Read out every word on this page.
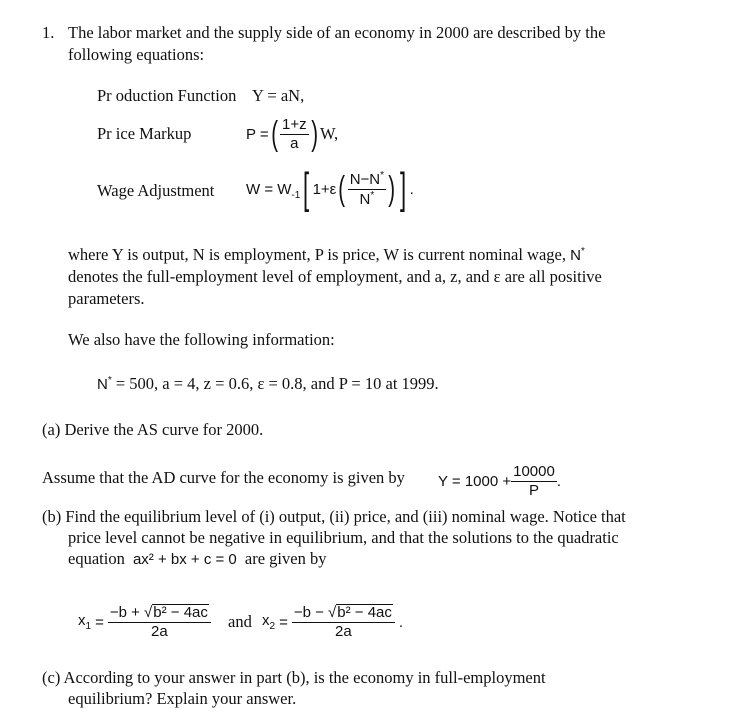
1. The labor market and the supply side of an economy in 2000 are described by the
following equations:
Pr oduction Function Y = aN,
Pr ice Markup	P = ( $\frac{1+z}{a}$ ) W,
Wage Adjustment $W = W_{-1}$ [ 1+ε ( $\frac{N-N^*}{N^*}$ ) ] .
where Y is output, N is employment, P is price, W is current nominal wage, N*
denotes the full-employment level of employment, and a, z, and ε are all positive
parameters.
We also have the following information:
N* = 500, a = 4, z = 0.6, ε = 0.8, and P = 10 at 1999.
(a) Derive the AS curve for 2000.
Assume that the AD curve for the economy is given by $Y = 1000 + \frac{10000}{P}$ .
(b) Find the equilibrium level of (i) output, (ii) price, and (iii) nominal wage. Notice that
price level cannot be negative in equilibrium, and that the solutions to the quadratic
equation ax² + bx + c = 0 are given by
$x_1 = \frac{\text{−b + √b² − 4ac}}{2a}$ and $x_2 = \frac{\text{−b − √b² − 4ac}}{2a}$ .
(c) According to your answer in part (b), is the economy in full-employment
equilibrium? Explain your answer.
